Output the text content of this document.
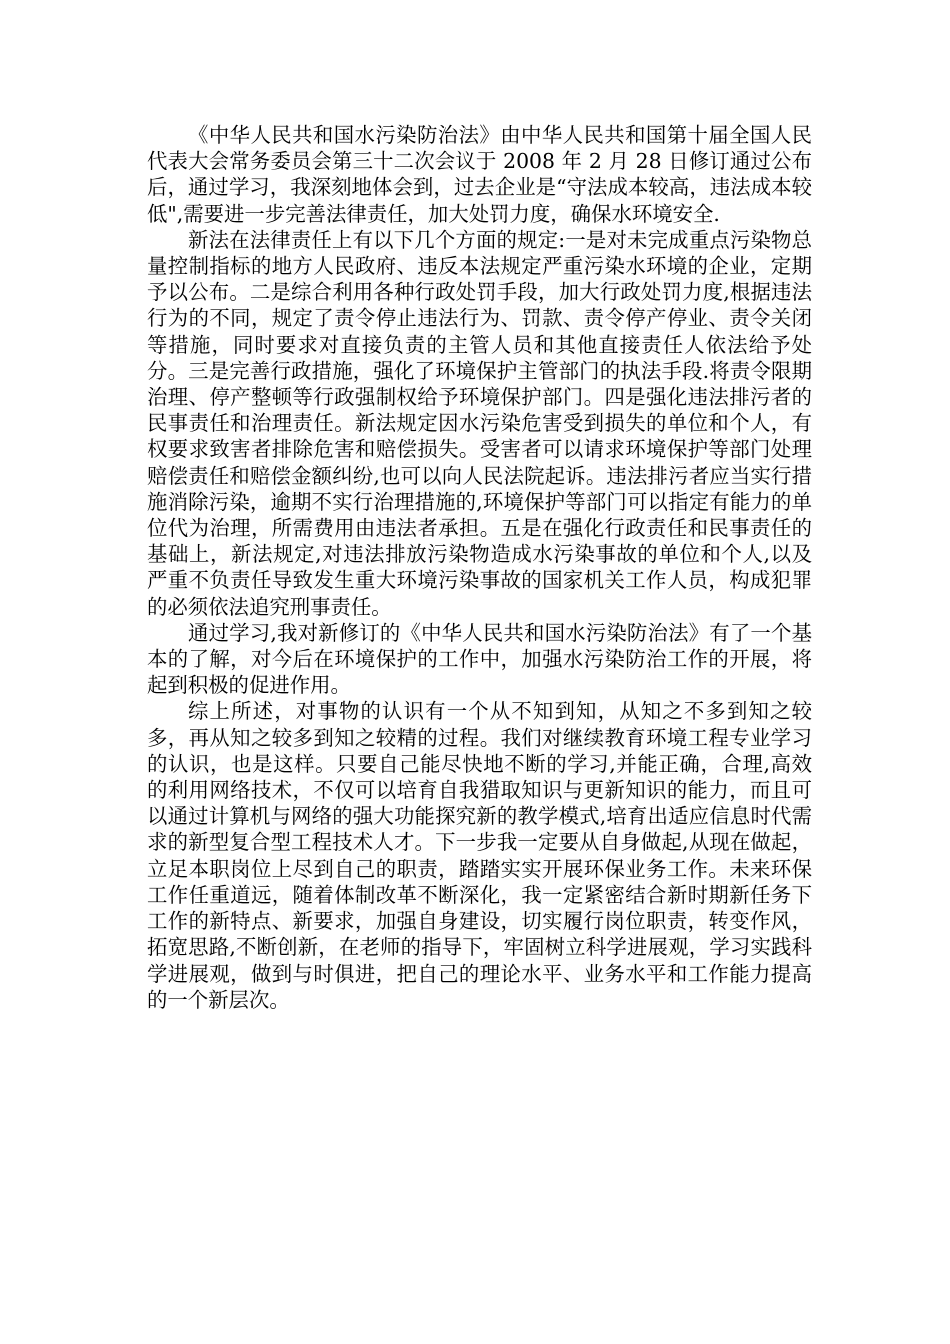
《中华人民共和国水污染防治法》由中华人民共和国第十届全国人民代表大会常务委员会第三十二次会议于 2008 年 2 月 28 日修订通过公布后，通过学习，我深刻地体会到，过去企业是“守法成本较高，违法成本较低",需要进一步完善法律责任，加大处罚力度，确保水环境安全.

新法在法律责任上有以下几个方面的规定:一是对未完成重点污染物总量控制指标的地方人民政府、违反本法规定严重污染水环境的企业，定期予以公布。二是综合利用各种行政处罚手段，加大行政处罚力度,根据违法行为的不同，规定了责令停止违法行为、罚款、责令停产停业、责令关闭等措施，同时要求对直接负责的主管人员和其他直接责任人依法给予处分。三是完善行政措施，强化了环境保护主管部门的执法手段.将责令限期治理、停产整顿等行政强制权给予环境保护部门。四是强化违法排污者的民事责任和治理责任。新法规定因水污染危害受到损失的单位和个人，有权要求致害者排除危害和赔偿损失。受害者可以请求环境保护等部门处理赔偿责任和赔偿金额纠纷,也可以向人民法院起诉。违法排污者应当实行措施消除污染，逾期不实行治理措施的,环境保护等部门可以指定有能力的单位代为治理，所需费用由违法者承担。五是在强化行政责任和民事责任的基础上，新法规定,对违法排放污染物造成水污染事故的单位和个人,以及严重不负责任导致发生重大环境污染事故的国家机关工作人员，构成犯罪的必须依法追究刑事责任。

通过学习,我对新修订的《中华人民共和国水污染防治法》有了一个基本的了解，对今后在环境保护的工作中，加强水污染防治工作的开展，将起到积极的促进作用。

综上所述，对事物的认识有一个从不知到知，从知之不多到知之较多，再从知之较多到知之较精的过程。我们对继续教育环境工程专业学习的认识，也是这样。只要自己能尽快地不断的学习,并能正确，合理,高效的利用网络技术，不仅可以培育自我猎取知识与更新知识的能力，而且可以通过计算机与网络的强大功能探究新的教学模式,培育出适应信息时代需求的新型复合型工程技术人才。下一步我一定要从自身做起,从现在做起，立足本职岗位上尽到自己的职责，踏踏实实开展环保业务工作。未来环保工作任重道远，随着体制改革不断深化，我一定紧密结合新时期新任务下工作的新特点、新要求，加强自身建设，切实履行岗位职责，转变作风，拓宽思路,不断创新，在老师的指导下，牢固树立科学进展观，学习实践科学进展观，做到与时俱进，把自己的理论水平、业务水平和工作能力提高的一个新层次。
